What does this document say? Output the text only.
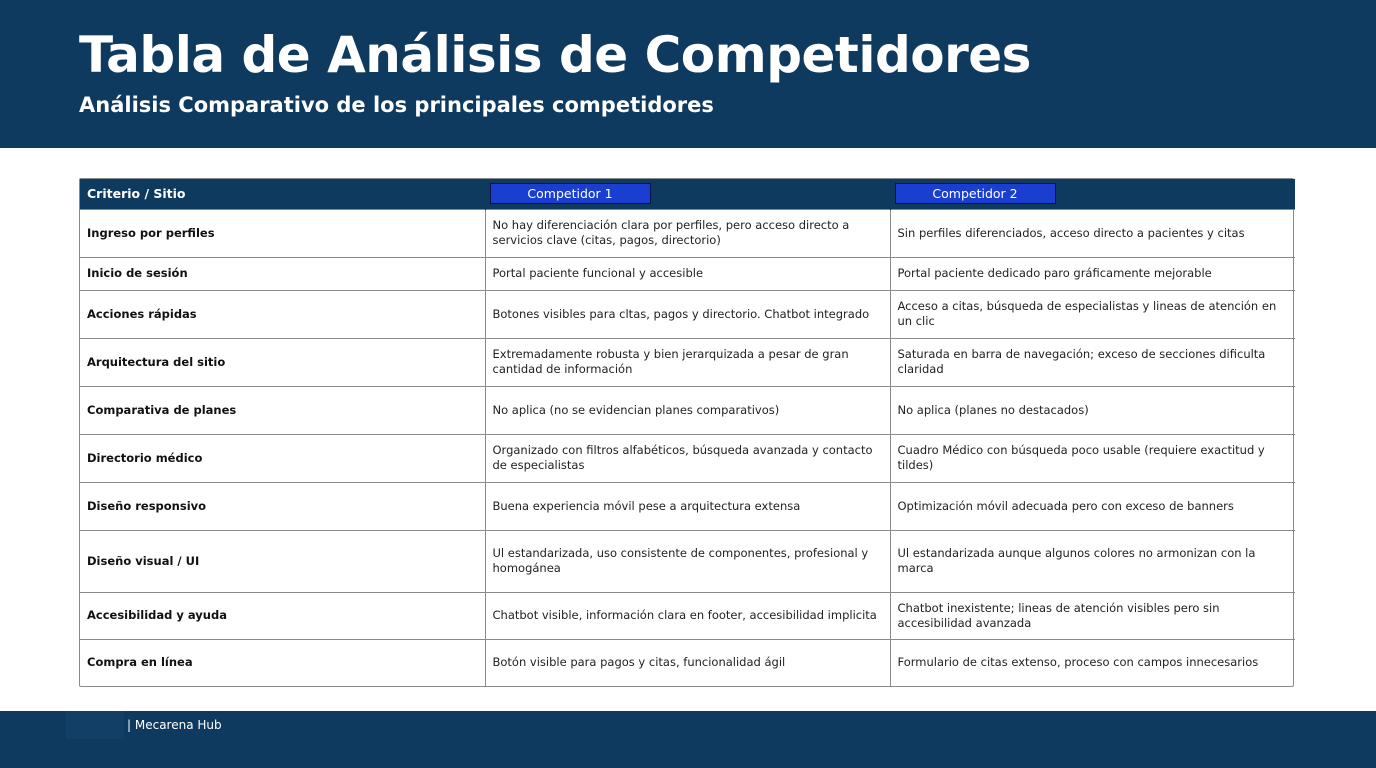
Tabla de Análisis de Competidores
Análisis Comparativo de los principales competidores
Criterio / Sitio	Competidor 1	Competidor 2
Ingreso por perfiles	No hay diferenciación clara por perfiles, pero acceso directo a servicios clave (citas, pagos, directorio)	Sin perfiles diferenciados, acceso directo a pacientes y citas
Inicio de sesión	Portal paciente funcional y accesible	Portal paciente dedicado paro gráficamente mejorable
Acciones rápidas	Botones visibles para cltas, pagos y directorio. Chatbot integrado	Acceso a citas, búsqueda de especialistas y lineas de atención en un clic
Arquitectura del sitio	Extremadamente robusta y bien jerarquizada a pesar de gran cantidad de información	Saturada en barra de navegación; exceso de secciones dificulta claridad
Comparativa de planes	No aplica (no se evidencian planes comparativos)	No aplica (planes no destacados)
Directorio médico	Organizado con filtros alfabéticos, búsqueda avanzada y contacto de especialistas	Cuadro Médico con búsqueda poco usable (requiere exactitud y tildes)
Diseño responsivo	Buena experiencia móvil pese a arquitectura extensa	Optimización móvil adecuada pero con exceso de banners
Diseño visual / UI	Ul estandarizada, uso consistente de componentes, profesional y homogánea	Ul estandarizada aunque algunos colores no armonizan con la marca
Accesibilidad y ayuda	Chatbot visible, información clara en footer, accesibilidad implicita	Chatbot inexistente; lineas de atención visibles pero sin accesibilidad avanzada
Compra en línea	Botón visible para pagos y citas, funcionalidad ágil	Formulario de citas extenso, proceso con campos innecesarios
| Mecarena Hub
